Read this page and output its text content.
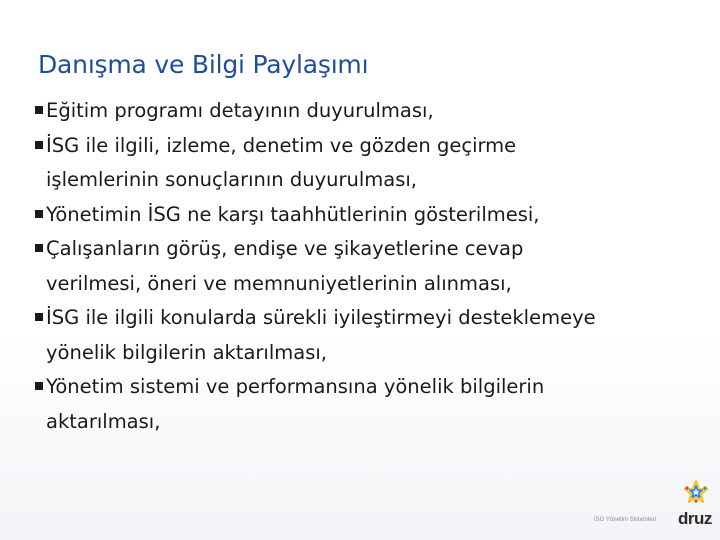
Danışma ve Bilgi Paylaşımı
Eğitim programı detayının duyurulması,
İSG ile ilgili, izleme, denetim ve gözden geçirme
işlemlerinin sonuçlarının duyurulması,
Yönetimin İSG ne karşı taahhütlerinin gösterilmesi,
Çalışanların görüş, endişe ve şikayetlerine cevap
verilmesi, öneri ve memnuniyetlerinin alınması,
İSG ile ilgili konularda sürekli iyileştirmeyi desteklemeye
yönelik bilgilerin aktarılması,
Yönetim sistemi ve performansına yönelik bilgilerin
aktarılması,
İSG Yönetim Sistemleri druz
